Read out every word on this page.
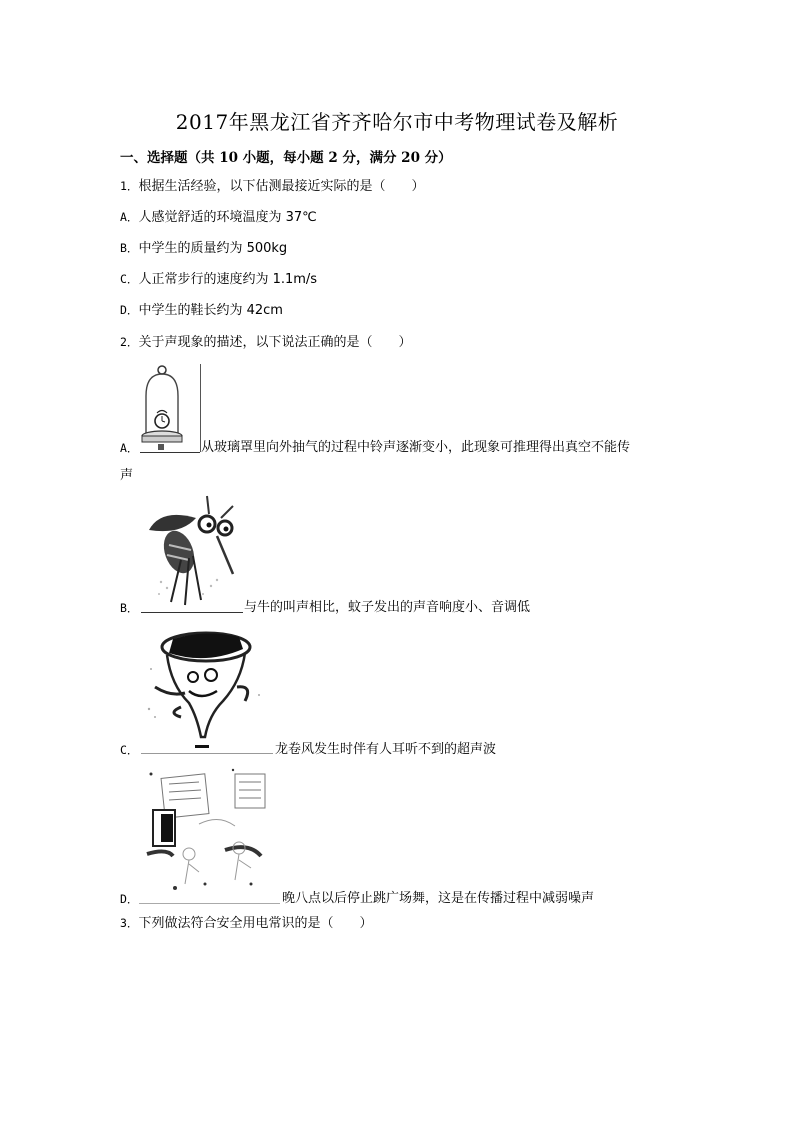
2017年黑龙江省齐齐哈尔市中考物理试卷及解析
一、选择题（共 10 小题，每小题 2 分，满分 20 分）
1．根据生活经验，以下估测最接近实际的是（　　）
A．人感觉舒适的环境温度为 37℃
B．中学生的质量约为 500kg
C．人正常步行的速度约为 1.1m/s
D．中学生的鞋长约为 42cm
2．关于声现象的描述，以下说法正确的是（　　）
A．	从玻璃罩里向外抽气的过程中铃声逐渐变小，此现象可推理得出真空不能传
声
B．	与牛的叫声相比，蚊子发出的声音响度小、音调低
C．	龙卷风发生时伴有人耳听不到的超声波
D．	晚八点以后停止跳广场舞，这是在传播过程中减弱噪声
3．下列做法符合安全用电常识的是（　　）
